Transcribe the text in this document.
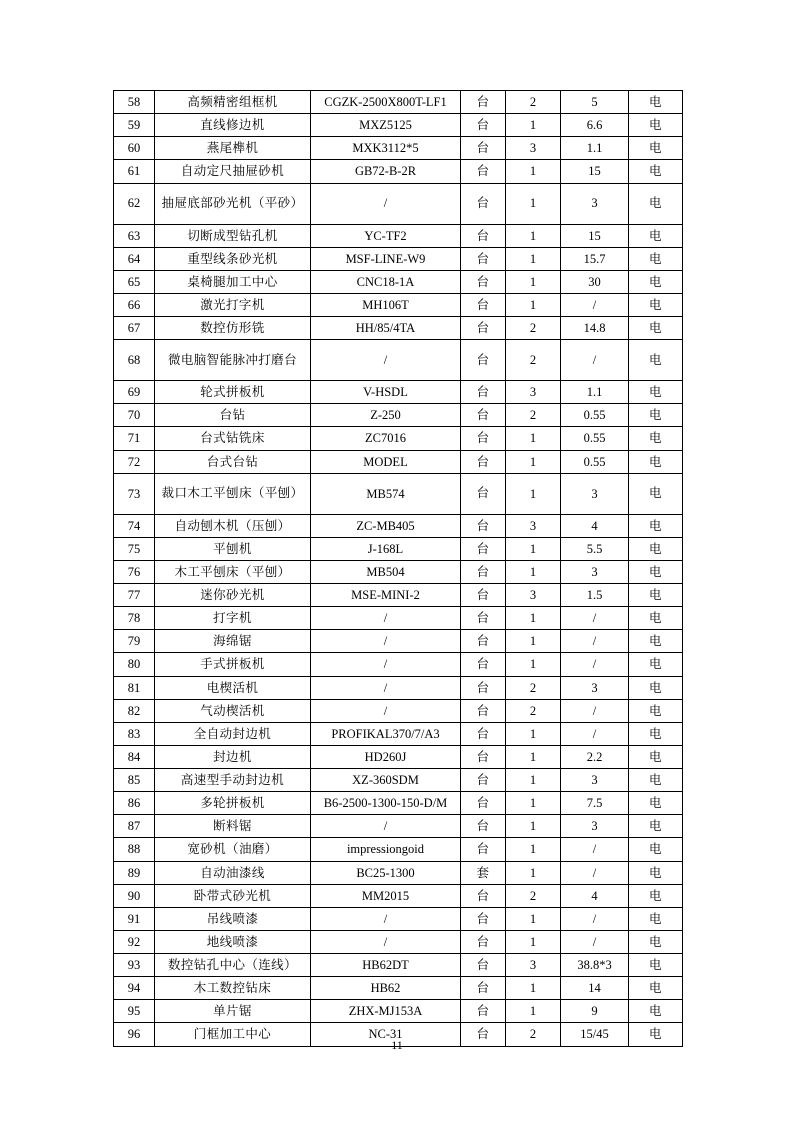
58	高频精密组框机	CGZK-2500X800T-LF1	台	2	5	电
59	直线修边机	MXZ5125	台	1	6.6	电
60	燕尾榫机	MXK3112*5	台	3	1.1	电
61	自动定尺抽屉砂机	GB72-B-2R	台	1	15	电
62	抽屉底部砂光机（平砂）	/	台	1	3	电
63	切断成型钻孔机	YC-TF2	台	1	15	电
64	重型线条砂光机	MSF-LINE-W9	台	1	15.7	电
65	桌椅腿加工中心	CNC18-1A	台	1	30	电
66	激光打字机	MH106T	台	1	/	电
67	数控仿形铣	HH/85/4TA	台	2	14.8	电
68	微电脑智能脉冲打磨台	/	台	2	/	电
69	轮式拼板机	V-HSDL	台	3	1.1	电
70	台钻	Z-250	台	2	0.55	电
71	台式钻铣床	ZC7016	台	1	0.55	电
72	台式台钻	MODEL	台	1	0.55	电
73	裁口木工平刨床（平刨）	MB574	台	1	3	电
74	自动刨木机（压刨）	ZC-MB405	台	3	4	电
75	平刨机	J-168L	台	1	5.5	电
76	木工平刨床（平刨）	MB504	台	1	3	电
77	迷你砂光机	MSE-MINI-2	台	3	1.5	电
78	打字机	/	台	1	/	电
79	海绵锯	/	台	1	/	电
80	手式拼板机	/	台	1	/	电
81	电楔活机	/	台	2	3	电
82	气动楔活机	/	台	2	/	电
83	全自动封边机	PROFIKAL370/7/A3	台	1	/	电
84	封边机	HD260J	台	1	2.2	电
85	高速型手动封边机	XZ-360SDM	台	1	3	电
86	多轮拼板机	B6-2500-1300-150-D/M	台	1	7.5	电
87	断料锯	/	台	1	3	电
88	宽砂机（油磨）	impressiongoid	台	1	/	电
89	自动油漆线	BC25-1300	套	1	/	电
90	卧带式砂光机	MM2015	台	2	4	电
91	吊线喷漆	/	台	1	/	电
92	地线喷漆	/	台	1	/	电
93	数控钻孔中心（连线）	HB62DT	台	3	38.8*3	电
94	木工数控钻床	HB62	台	1	14	电
95	单片锯	ZHX-MJ153A	台	1	9	电
96	门框加工中心	NC-31	台	2	15/45	电
11
